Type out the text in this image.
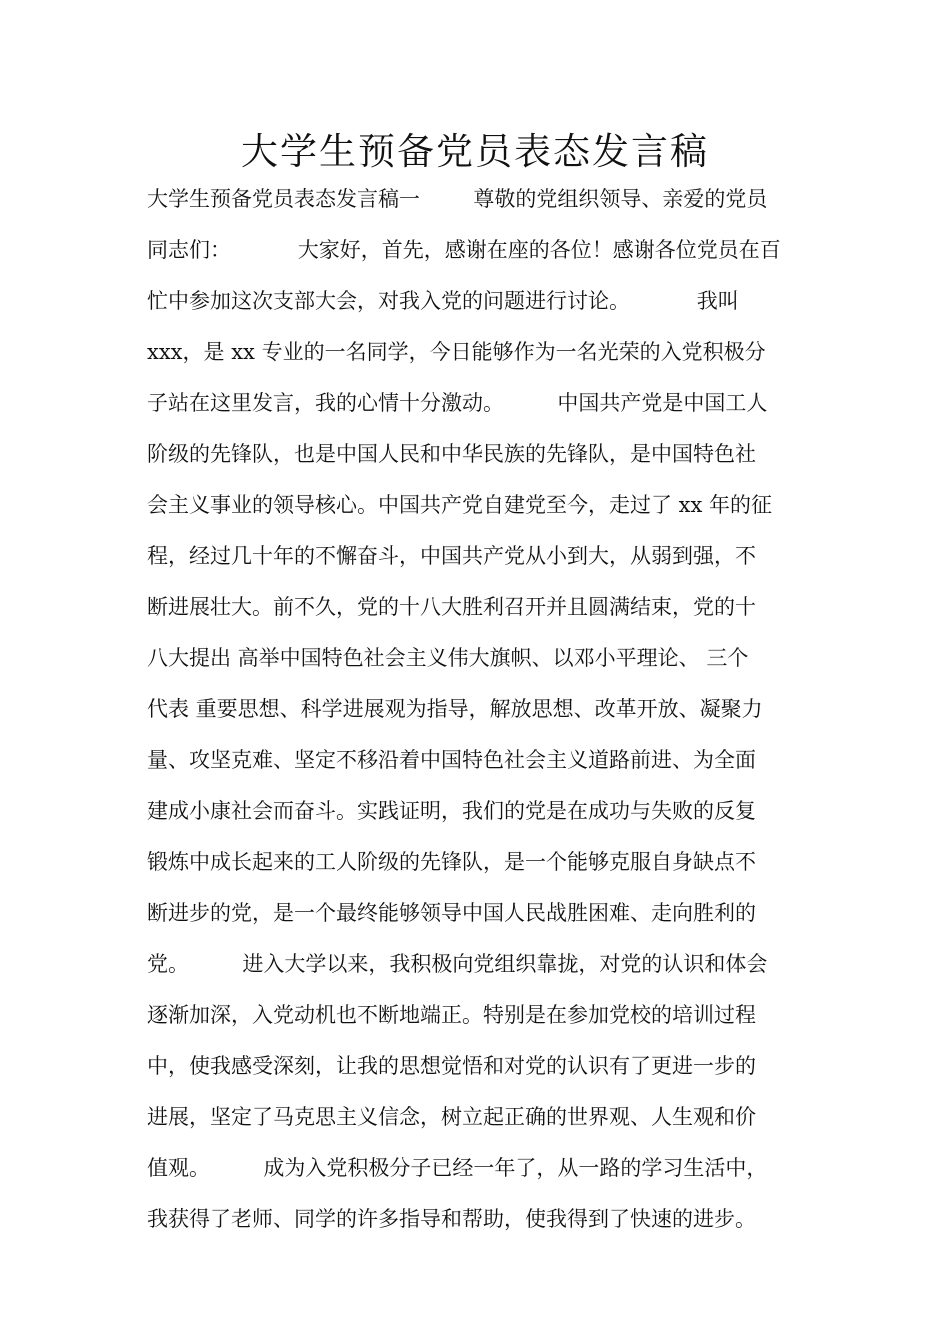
大学生预备党员表态发言稿
大学生预备党员表态发言稿一        尊敬的党组织领导、亲爱的党员
同志们：          大家好，首先，感谢在座的各位！感谢各位党员在百
忙中参加这次支部大会，对我入党的问题进行讨论。          我叫
xxx，是 xx 专业的一名同学，今日能够作为一名光荣的入党积极分
子站在这里发言，我的心情十分激动。        中国共产党是中国工人
阶级的先锋队，也是中国人民和中华民族的先锋队，是中国特色社
会主义事业的领导核心。中国共产党自建党至今，走过了 xx 年的征
程，经过几十年的不懈奋斗，中国共产党从小到大，从弱到强，不
断进展壮大。前不久，党的十八大胜利召开并且圆满结束，党的十
八大提出 高举中国特色社会主义伟大旗帜、以邓小平理论、 三个
代表 重要思想、科学进展观为指导，解放思想、改革开放、凝聚力
量、攻坚克难、坚定不移沿着中国特色社会主义道路前进、为全面
建成小康社会而奋斗。实践证明，我们的党是在成功与失败的反复
锻炼中成长起来的工人阶级的先锋队，是一个能够克服自身缺点不
断进步的党，是一个最终能够领导中国人民战胜困难、走向胜利的
党。        进入大学以来，我积极向党组织靠拢，对党的认识和体会
逐渐加深，入党动机也不断地端正。特别是在参加党校的培训过程
中，使我感受深刻，让我的思想觉悟和对党的认识有了更进一步的
进展，坚定了马克思主义信念，树立起正确的世界观、人生观和价
值观。        成为入党积极分子已经一年了，从一路的学习生活中，
我获得了老师、同学的许多指导和帮助，使我得到了快速的进步。
